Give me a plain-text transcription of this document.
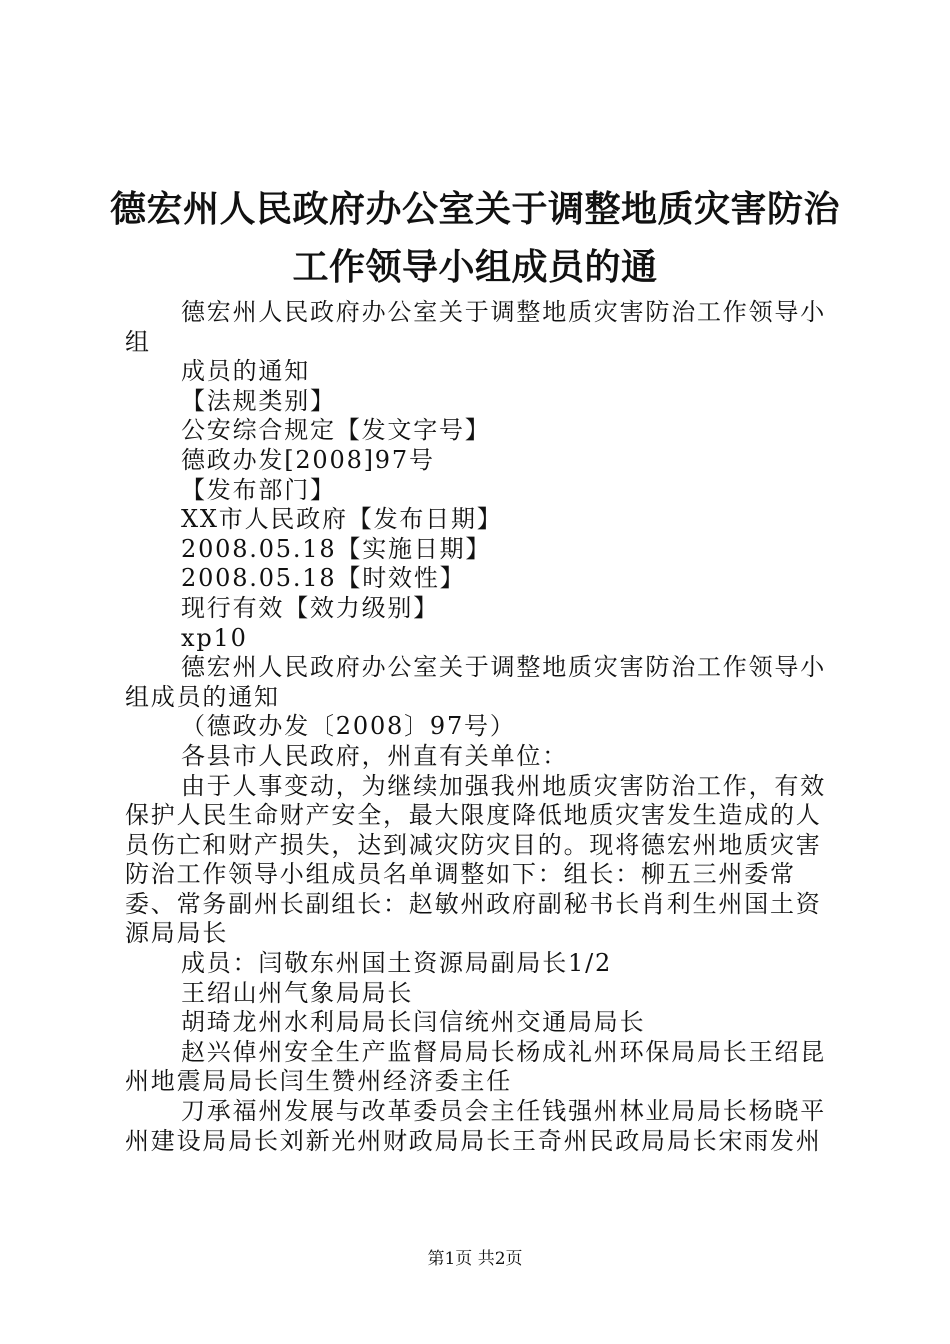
德宏州人民政府办公室关于调整地质灾害防治
工作领导小组成员的通

德宏州人民政府办公室关于调整地质灾害防治工作领导小组

成员的通知

【法规类别】

公安综合规定【发文字号】

德政办发[2008]97号

【发布部门】

XX市人民政府【发布日期】

2008.05.18【实施日期】

2008.05.18【时效性】

现行有效【效力级别】

xp10

德宏州人民政府办公室关于调整地质灾害防治工作领导小组成员的通知

（德政办发〔2008〕97号）

各县市人民政府，州直有关单位：

由于人事变动，为继续加强我州地质灾害防治工作，有效保护人民生命财产安全，最大限度降低地质灾害发生造成的人员伤亡和财产损失，达到减灾防灾目的。现将德宏州地质灾害防治工作领导小组成员名单调整如下：组长：柳五三州委常委、常务副州长副组长：赵敏州政府副秘书长肖利生州国土资源局局长

成员：闫敬东州国土资源局副局长1/2

王绍山州气象局局长

胡琦龙州水利局局长闫信统州交通局局长

赵兴倬州安全生产监督局局长杨成礼州环保局局长王绍昆州地震局局长闫生赞州经济委主任

刀承福州发展与改革委员会主任钱强州林业局局长杨晓平州建设局局长刘新光州财政局局长王奇州民政局局长宋雨发州

第1页 共2页
